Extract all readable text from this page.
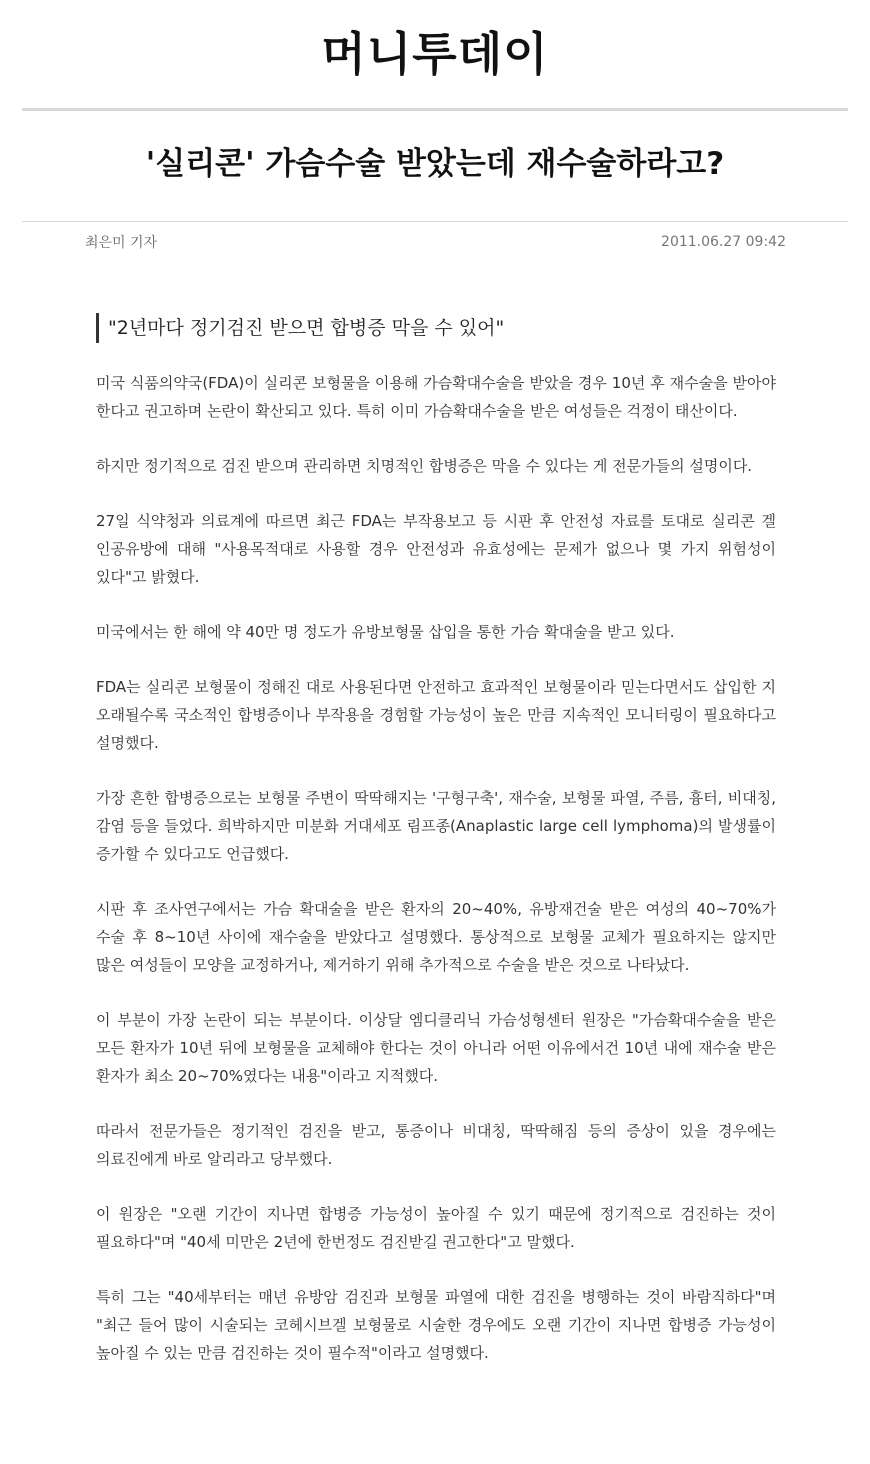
머니투데이
'실리콘' 가슴수술 받았는데 재수술하라고?
최은미 기자	2011.06.27 09:42
"2년마다 정기검진 받으면 합병증 막을 수 있어"

미국 식품의약국(FDA)이 실리콘 보형물을 이용해 가슴확대수술을 받았을 경우 10년 후 재수술을 받아야 한다고 권고하며 논란이 확산되고 있다. 특히 이미 가슴확대수술을 받은 여성들은 걱정이 태산이다.

하지만 정기적으로 검진 받으며 관리하면 치명적인 합병증은 막을 수 있다는 게 전문가들의 설명이다.

27일 식약청과 의료계에 따르면 최근 FDA는 부작용보고 등 시판 후 안전성 자료를 토대로 실리콘 겔 인공유방에 대해 "사용목적대로 사용할 경우 안전성과 유효성에는 문제가 없으나 몇 가지 위험성이 있다"고 밝혔다.

미국에서는 한 해에 약 40만 명 정도가 유방보형물 삽입을 통한 가슴 확대술을 받고 있다.

FDA는 실리콘 보형물이 정해진 대로 사용된다면 안전하고 효과적인 보형물이라 믿는다면서도 삽입한 지 오래될수록 국소적인 합병증이나 부작용을 경험할 가능성이 높은 만큼 지속적인 모니터링이 필요하다고 설명했다.

가장 흔한 합병증으로는 보형물 주변이 딱딱해지는 '구형구축', 재수술, 보형물 파열, 주름, 흉터, 비대칭, 감염 등을 들었다. 희박하지만 미분화 거대세포 림프종(Anaplastic large cell lymphoma)의 발생률이 증가할 수 있다고도 언급했다.

시판 후 조사연구에서는 가슴 확대술을 받은 환자의 20~40%, 유방재건술 받은 여성의 40~70%가 수술 후 8~10년 사이에 재수술을 받았다고 설명했다. 통상적으로 보형물 교체가 필요하지는 않지만 많은 여성들이 모양을 교정하거나, 제거하기 위해 추가적으로 수술을 받은 것으로 나타났다.

이 부분이 가장 논란이 되는 부분이다. 이상달 엠디클리닉 가슴성형센터 원장은 "가슴확대수술을 받은 모든 환자가 10년 뒤에 보형물을 교체해야 한다는 것이 아니라 어떤 이유에서건 10년 내에 재수술 받은 환자가 최소 20~70%였다는 내용"이라고 지적했다.

따라서 전문가들은 정기적인 검진을 받고, 통증이나 비대칭, 딱딱해짐 등의 증상이 있을 경우에는 의료진에게 바로 알리라고 당부했다.

이 원장은 "오랜 기간이 지나면 합병증 가능성이 높아질 수 있기 때문에 정기적으로 검진하는 것이 필요하다"며 "40세 미만은 2년에 한번정도 검진받길 권고한다"고 말했다.

특히 그는 "40세부터는 매년 유방암 검진과 보형물 파열에 대한 검진을 병행하는 것이 바람직하다"며 "최근 들어 많이 시술되는 코헤시브겔 보형물로 시술한 경우에도 오랜 기간이 지나면 합병증 가능성이 높아질 수 있는 만큼 검진하는 것이 필수적"이라고 설명했다.
